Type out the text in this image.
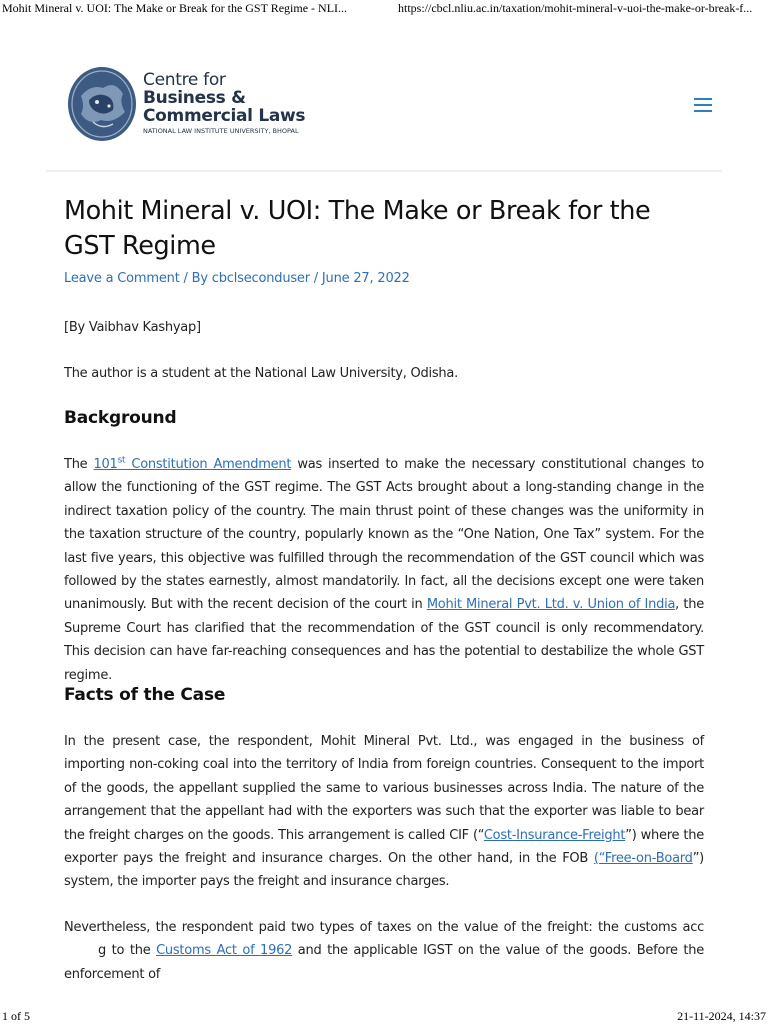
Mohit Mineral v. UOI: The Make or Break for the GST Regime - NLI...	https://cbcl.nliu.ac.in/taxation/mohit-mineral-v-uoi-the-make-or-break-f...
Centre for
Business &
Commercial Laws
NATIONAL LAW INSTITUTE UNIVERSITY, BHOPAL
Mohit Mineral v. UOI: The Make or Break for the GST Regime
Leave a Comment / By cbclseconduser / June 27, 2022

[By Vaibhav Kashyap]

The author is a student at the National Law University, Odisha.

Background

The 101st Constitution Amendment was inserted to make the necessary constitutional changes to allow the functioning of the GST regime. The GST Acts brought about a long-standing change in the indirect taxation policy of the country. The main thrust point of these changes was the uniformity in the taxation structure of the country, popularly known as the “One Nation, One Tax” system. For the last five years, this objective was fulfilled through the recommendation of the GST council which was followed by the states earnestly, almost mandatorily. In fact, all the decisions except one were taken unanimously. But with the recent decision of the court in Mohit Mineral Pvt. Ltd. v. Union of India, the Supreme Court has clarified that the recommendation of the GST council is only recommendatory. This decision can have far-reaching consequences and has the potential to destabilize the whole GST regime.

Facts of the Case

In the present case, the respondent, Mohit Mineral Pvt. Ltd., was engaged in the business of importing non-coking coal into the territory of India from foreign countries. Consequent to the import of the goods, the appellant supplied the same to various businesses across India. The nature of the arrangement that the appellant had with the exporters was such that the exporter was liable to bear the freight charges on the goods. This arrangement is called CIF (“Cost-Insurance-Freight”) where the exporter pays the freight and insurance charges. On the other hand, in the FOB (“Free-on-Board”) system, the importer pays the freight and insurance charges.

Nevertheless, the respondent paid two types of taxes on the value of the freight: the customs accg to the Customs Act of 1962 and the applicable IGST on the value of the goods. Before the enforcement of

1 of 5	21-11-2024, 14:37
